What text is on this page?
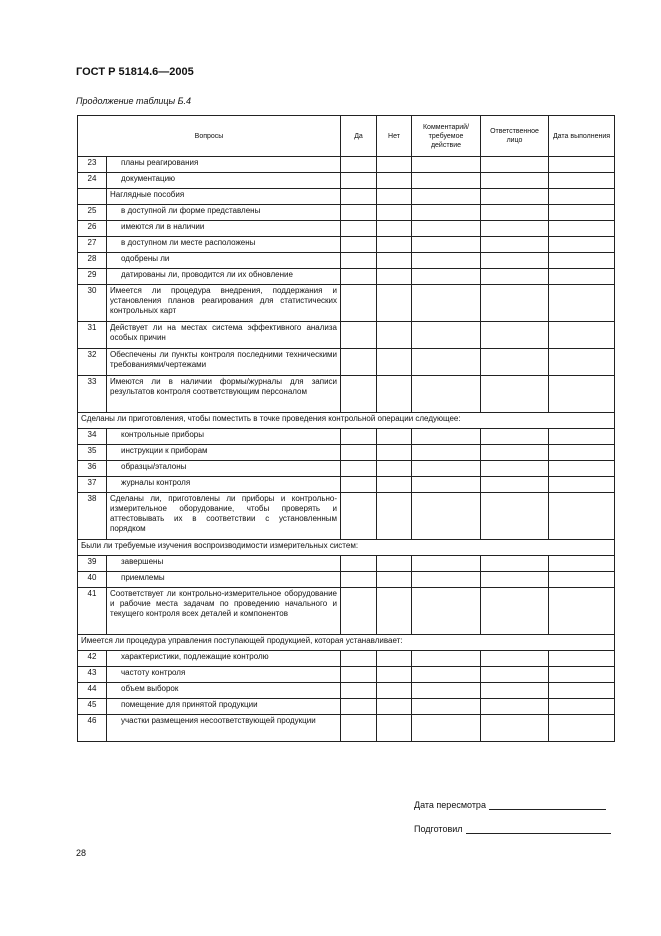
ГОСТ Р 51814.6—2005
Продолжение таблицы Б.4
Вопросы		Да	Нет	Комментарий/ требуемое действие	Ответственное лицо	Дата выполнения
23	планы реагирования					
24	документацию					
	Наглядные пособия					
25	в доступной ли форме представлены					
26	имеются ли в наличии					
27	в доступном ли месте расположены					
28	одобрены ли					
29	датированы ли, проводится ли их обновление					
30	Имеется ли процедура внедрения, поддержания и установления планов реагирования для статистических контрольных карт					
31	Действует ли на местах система эффективного анализа особых причин					
32	Обеспечены ли пункты контроля последними техническими требованиями/чертежами					
33	Имеются ли в наличии формы/журналы для записи результатов контроля соответствующим персоналом					
Сделаны ли приготовления, чтобы поместить в точке проведения контрольной операции следующее:						
34	контрольные приборы					
35	инструкции к приборам					
36	образцы/эталоны					
37	журналы контроля					
38	Сделаны ли, приготовлены ли приборы и контрольно-измерительное оборудование, чтобы проверять и аттестовывать их в соответствии с установленным порядком					
Были ли требуемые изучения воспроизводимости измерительных систем:						
39	завершены					
40	приемлемы					
41	Соответствует ли контрольно-измерительное оборудование и рабочие места задачам по проведению начального и текущего контроля всех деталей и компонентов					
Имеется ли процедура управления поступающей продукцией, которая устанавливает:						
42	характеристики, подлежащие контролю					
43	частоту контроля					
44	объем выборок					
45	помещение для принятой продукции					
46	участки размещения несоответствующей продукции					
Дата пересмотра
Подготовил
28
